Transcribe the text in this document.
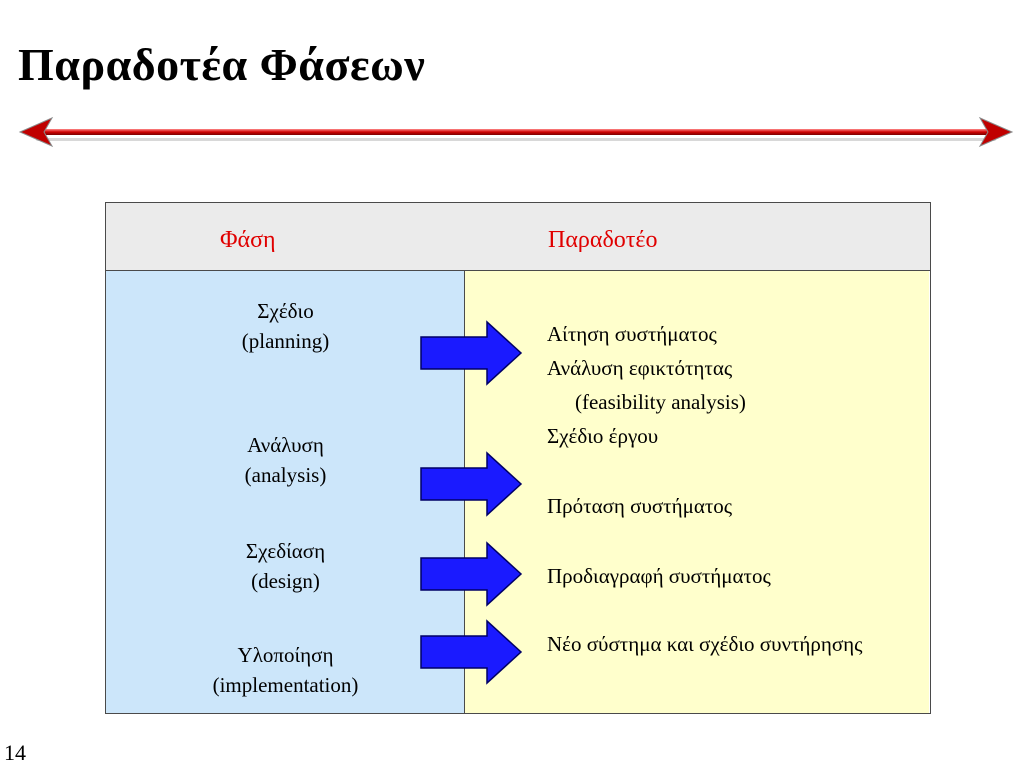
Παραδοτέα Φάσεων
Φάση	Παραδοτέο
Σχέδιο
(planning)
Ανάλυση
(analysis)
Σχεδίαση
(design)
Υλοποίηση
(implementation)
Αίτηση συστήματος
Ανάλυση εφικτότητας
(feasibility analysis)
Σχέδιο έργου
Πρόταση συστήματος
Προδιαγραφή συστήματος
Νέο σύστημα και σχέδιο συντήρησης
14
